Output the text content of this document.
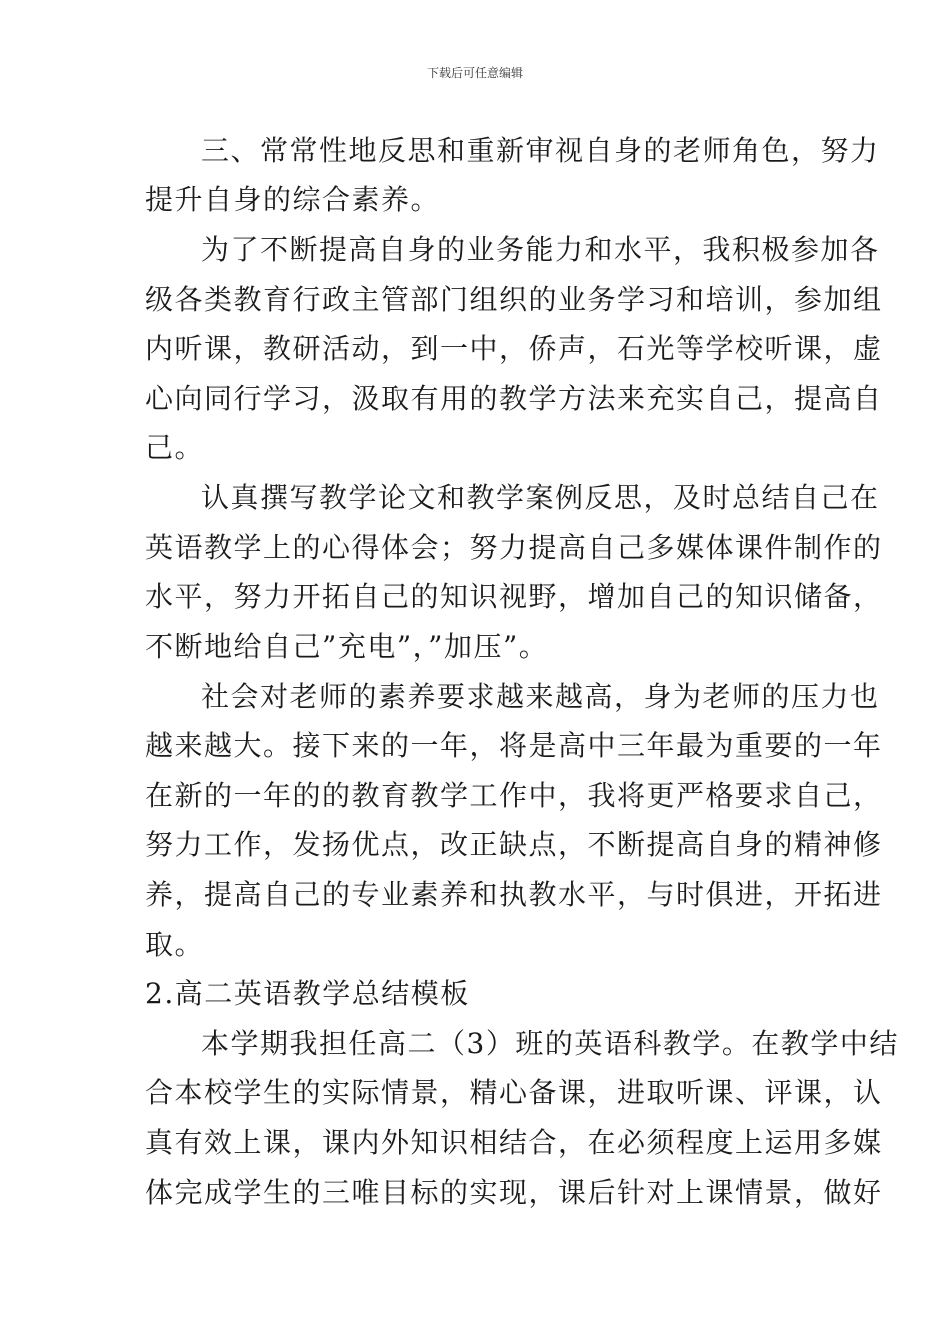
下载后可任意编辑
三、常常性地反思和重新审视自身的老师角色，努力
提升自身的综合素养。
为了不断提高自身的业务能力和水平，我积极参加各
级各类教育行政主管部门组织的业务学习和培训，参加组
内听课，教研活动，到一中，侨声，石光等学校听课，虚
心向同行学习，汲取有用的教学方法来充实自己，提高自
己。
认真撰写教学论文和教学案例反思，及时总结自己在
英语教学上的心得体会；努力提高自己多媒体课件制作的
水平，努力开拓自己的知识视野，增加自己的知识储备，
不断地给自己”充电”，”加压”。
社会对老师的素养要求越来越高，身为老师的压力也
越来越大。接下来的一年，将是高中三年最为重要的一年
在新的一年的的教育教学工作中，我将更严格要求自己，
努力工作，发扬优点，改正缺点，不断提高自身的精神修
养，提高自己的专业素养和执教水平，与时俱进，开拓进
取。
2.高二英语教学总结模板
本学期我担任高二（3）班的英语科教学。在教学中结
合本校学生的实际情景，精心备课，进取听课、评课，认
真有效上课，课内外知识相结合，在必须程度上运用多媒
体完成学生的三唯目标的实现，课后针对上课情景，做好
